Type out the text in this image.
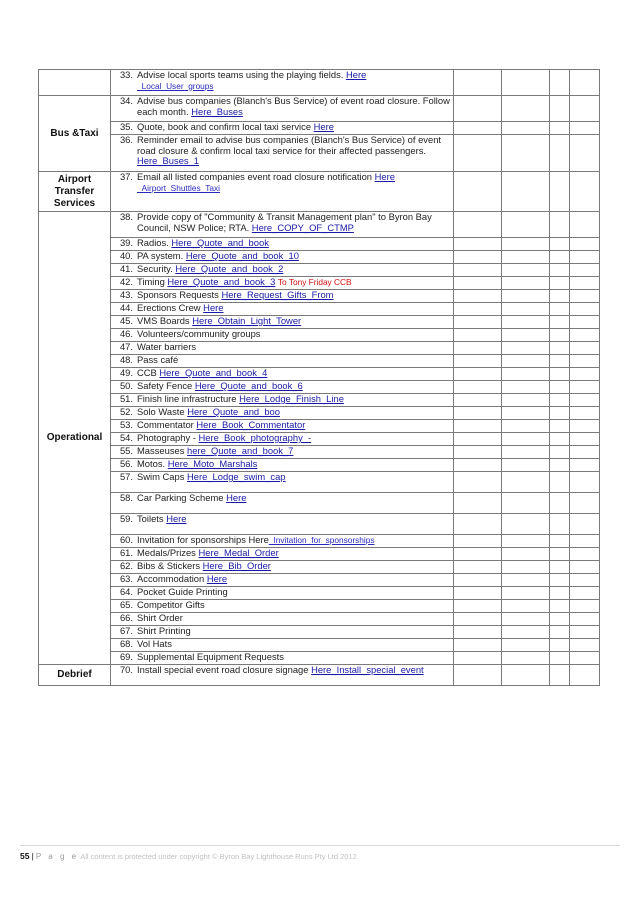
	33. Advise local sports teams using the playing fields. Here
_Local_User_groups				

Bus &Taxi	34. Advise bus companies (Blanch's Bus Service) of event road closure. Follow each month. Here_Buses				

	35. Quote, book and confirm local taxi service Here				

	36. Reminder email to advise bus companies (Blanch's Bus Service) of event road closure & confirm local taxi service for their affected passengers. Here_Buses_1				

Airport
Transfer
Services	37. Email all listed companies event road closure notification Here
_Airport_Shuttles_Taxi				

Operational	38. Provide copy of "Community & Transit Management plan" to Byron Bay Council, NSW Police; RTA. Here_COPY_OF_CTMP				

	39. Radios. Here_Quote_and_book				

	40. PA system. Here_Quote_and_book_10				

	41. Security. Here_Quote_and_book_2				

	42. Timing Here_Quote_and_book_3 To Tony Friday CCB				

	43. Sponsors Requests Here_Request_Gifts_From				

	44. Erections Crew Here				

	45. VMS Boards Here_Obtain_Light_Tower				

	46. Volunteers/community groups				

	47. Water barriers				

	48. Pass café				

	49. CCB Here_Quote_and_book_4				

	50. Safety Fence Here_Quote_and_book_6				

	51. Finish line infrastructure Here_Lodge_Finish_Line				

	52. Solo Waste Here_Quote_and_boo				

	53. Commentator Here_Book_Commentator				

	54. Photography - Here_Book_photography_-				

	55. Masseuses here_Quote_and_book_7				

	56. Motos. Here_Moto_Marshals				

	57. Swim Caps Here_Lodge_swim_cap				

	58. Car Parking Scheme Here				

	59. Toilets Here				

	60. Invitation for sponsorships Here_Invitation_for_sponsorships				

	61. Medals/Prizes Here_Medal_Order				

	62. Bibs & Stickers Here_Bib_Order				

	63. Accommodation Here				

	64. Pocket Guide Printing				

	65. Competitor Gifts				

	66. Shirt Order				

	67. Shirt Printing				

	68. Vol Hats				

	69. Supplemental Equipment Requests				

Debrief	70. Install special event road closure signage Here_Install_special_event				

55 | P a g e All content is protected under copyright © Byron Bay Lighthouse Runs Pty Ltd 2012
